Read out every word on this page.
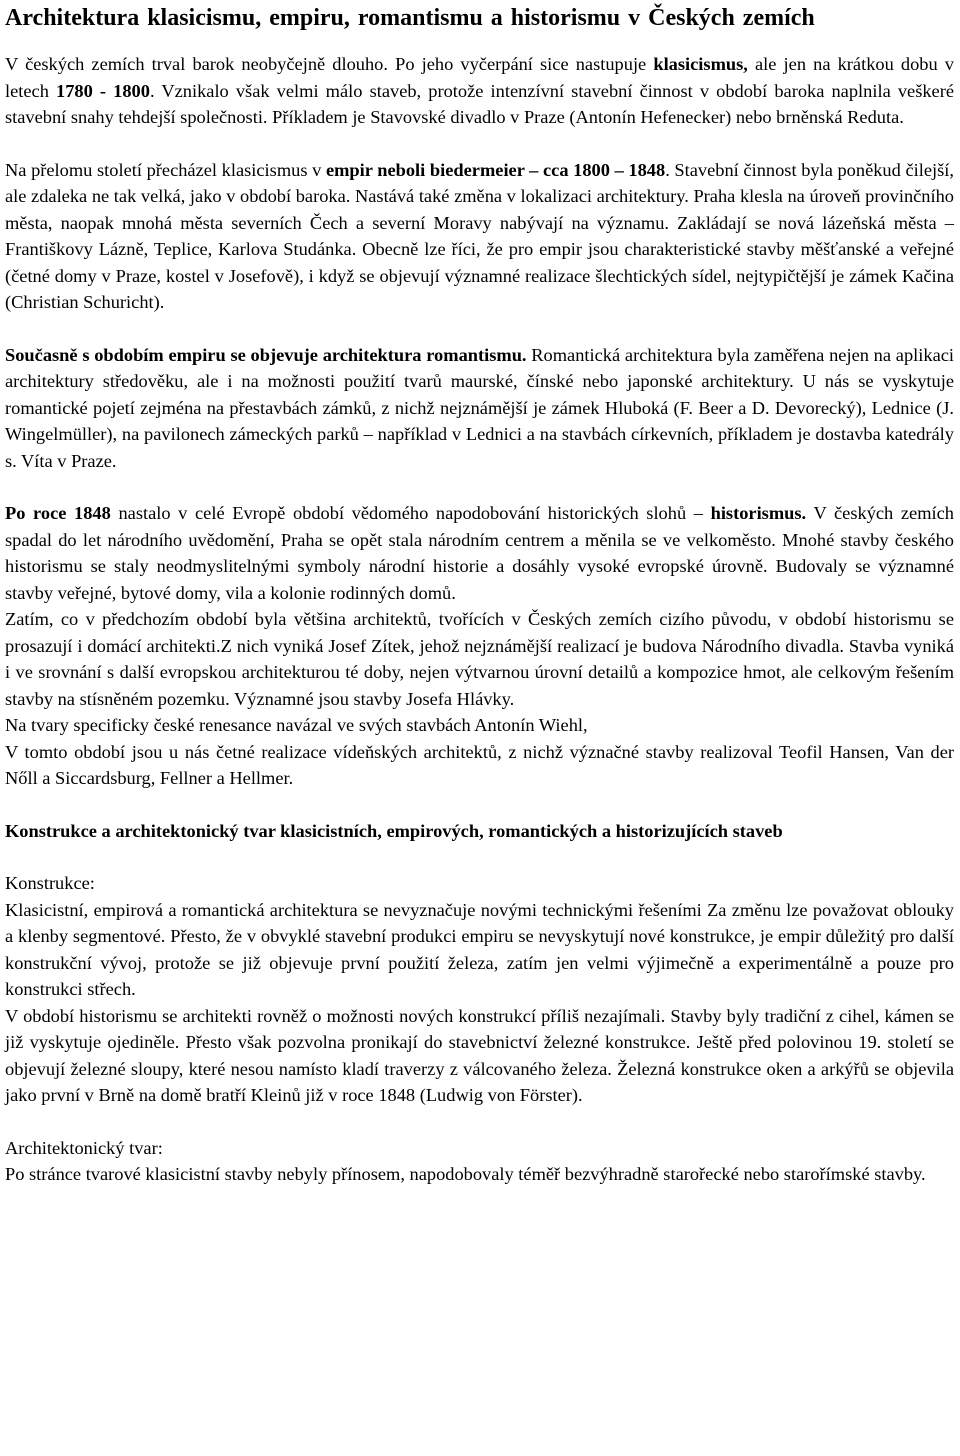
Architektura klasicismu, empiru, romantismu a historismu v Českých zemích

V českých zemích trval barok neobyčejně dlouho. Po jeho vyčerpání sice nastupuje klasicismus, ale jen na krátkou dobu v letech 1780 - 1800. Vznikalo však velmi málo staveb, protože intenzívní stavební činnost v období baroka naplnila veškeré stavební snahy tehdejší společnosti. Příkladem je Stavovské divadlo v Praze (Antonín Hefenecker) nebo brněnská Reduta.

Na přelomu století přecházel klasicismus v empir neboli biedermeier – cca 1800 – 1848. Stavební činnost byla poněkud čilejší, ale zdaleka ne tak velká, jako v období baroka. Nastává také změna v lokalizaci architektury. Praha klesla na úroveň provinčního města, naopak mnohá města severních Čech a severní Moravy nabývají na významu. Zakládají se nová lázeňská města – Františkovy Lázně, Teplice, Karlova Studánka. Obecně lze říci, že pro empir jsou charakteristické stavby měšťanské a veřejné (četné domy v Praze, kostel v Josefově), i když se objevují významné realizace šlechtických sídel, nejtypičtější je zámek Kačina (Christian Schuricht).

Současně s obdobím empiru se objevuje architektura romantismu. Romantická architektura byla zaměřena nejen na aplikaci architektury středověku, ale i na možnosti použití tvarů maurské, čínské nebo japonské architektury. U nás se vyskytuje romantické pojetí zejména na přestavbách zámků, z nichž nejznámější je zámek Hluboká (F. Beer a D. Devorecký), Lednice (J. Wingelmüller), na pavilonech zámeckých parků – například v Lednici a na stavbách církevních, příkladem je dostavba katedrály s. Víta v Praze.

Po roce 1848 nastalo v celé Evropě období vědomého napodobování historických slohů – historismus. V českých zemích spadal do let národního uvědomění, Praha se opět stala národním centrem a měnila se ve velkoměsto. Mnohé stavby českého historismu se staly neodmyslitelnými symboly národní historie a dosáhly vysoké evropské úrovně. Budovaly se významné stavby veřejné, bytové domy, vila a kolonie rodinných domů.

Zatím, co v předchozím období byla většina architektů, tvořících v Českých zemích cizího původu, v období historismu se prosazují i domácí architekti.Z nich vyniká Josef Zítek, jehož nejznámější realizací je budova Národního divadla. Stavba vyniká i ve srovnání s další evropskou architekturou té doby, nejen výtvarnou úrovní detailů a kompozice hmot, ale celkovým řešením stavby na stísněném pozemku. Významné jsou stavby Josefa Hlávky.

Na tvary specificky české renesance navázal ve svých stavbách Antonín Wiehl,

V tomto období jsou u nás četné realizace vídeňských architektů, z nichž význačné stavby realizoval Teofil Hansen, Van der Nőll a Siccardsburg, Fellner a Hellmer.

Konstrukce a architektonický tvar klasicistních, empirových, romantických a historizujících staveb

Konstrukce:

Klasicistní, empirová a romantická architektura se nevyznačuje novými technickými řešeními Za změnu lze považovat oblouky a klenby segmentové. Přesto, že v obvyklé stavební produkci empiru se nevyskytují nové konstrukce, je empir důležitý pro další konstrukční vývoj, protože se již objevuje první použití železa, zatím jen velmi výjimečně a experimentálně a pouze pro konstrukci střech.

V období historismu se architekti rovněž o možnosti nových konstrukcí příliš nezajímali. Stavby byly tradiční z cihel, kámen se již vyskytuje ojediněle. Přesto však pozvolna pronikají do stavebnictví železné konstrukce. Ještě před polovinou 19. století se objevují železné sloupy, které nesou namísto kladí traverzy z válcovaného železa. Železná konstrukce oken a arkýřů se objevila jako první v Brně na domě bratří Kleinů již v roce 1848 (Ludwig von Förster).

Architektonický tvar:

Po stránce tvarové klasicistní stavby nebyly přínosem, napodobovaly téměř bezvýhradně starořecké nebo starořímské stavby.
